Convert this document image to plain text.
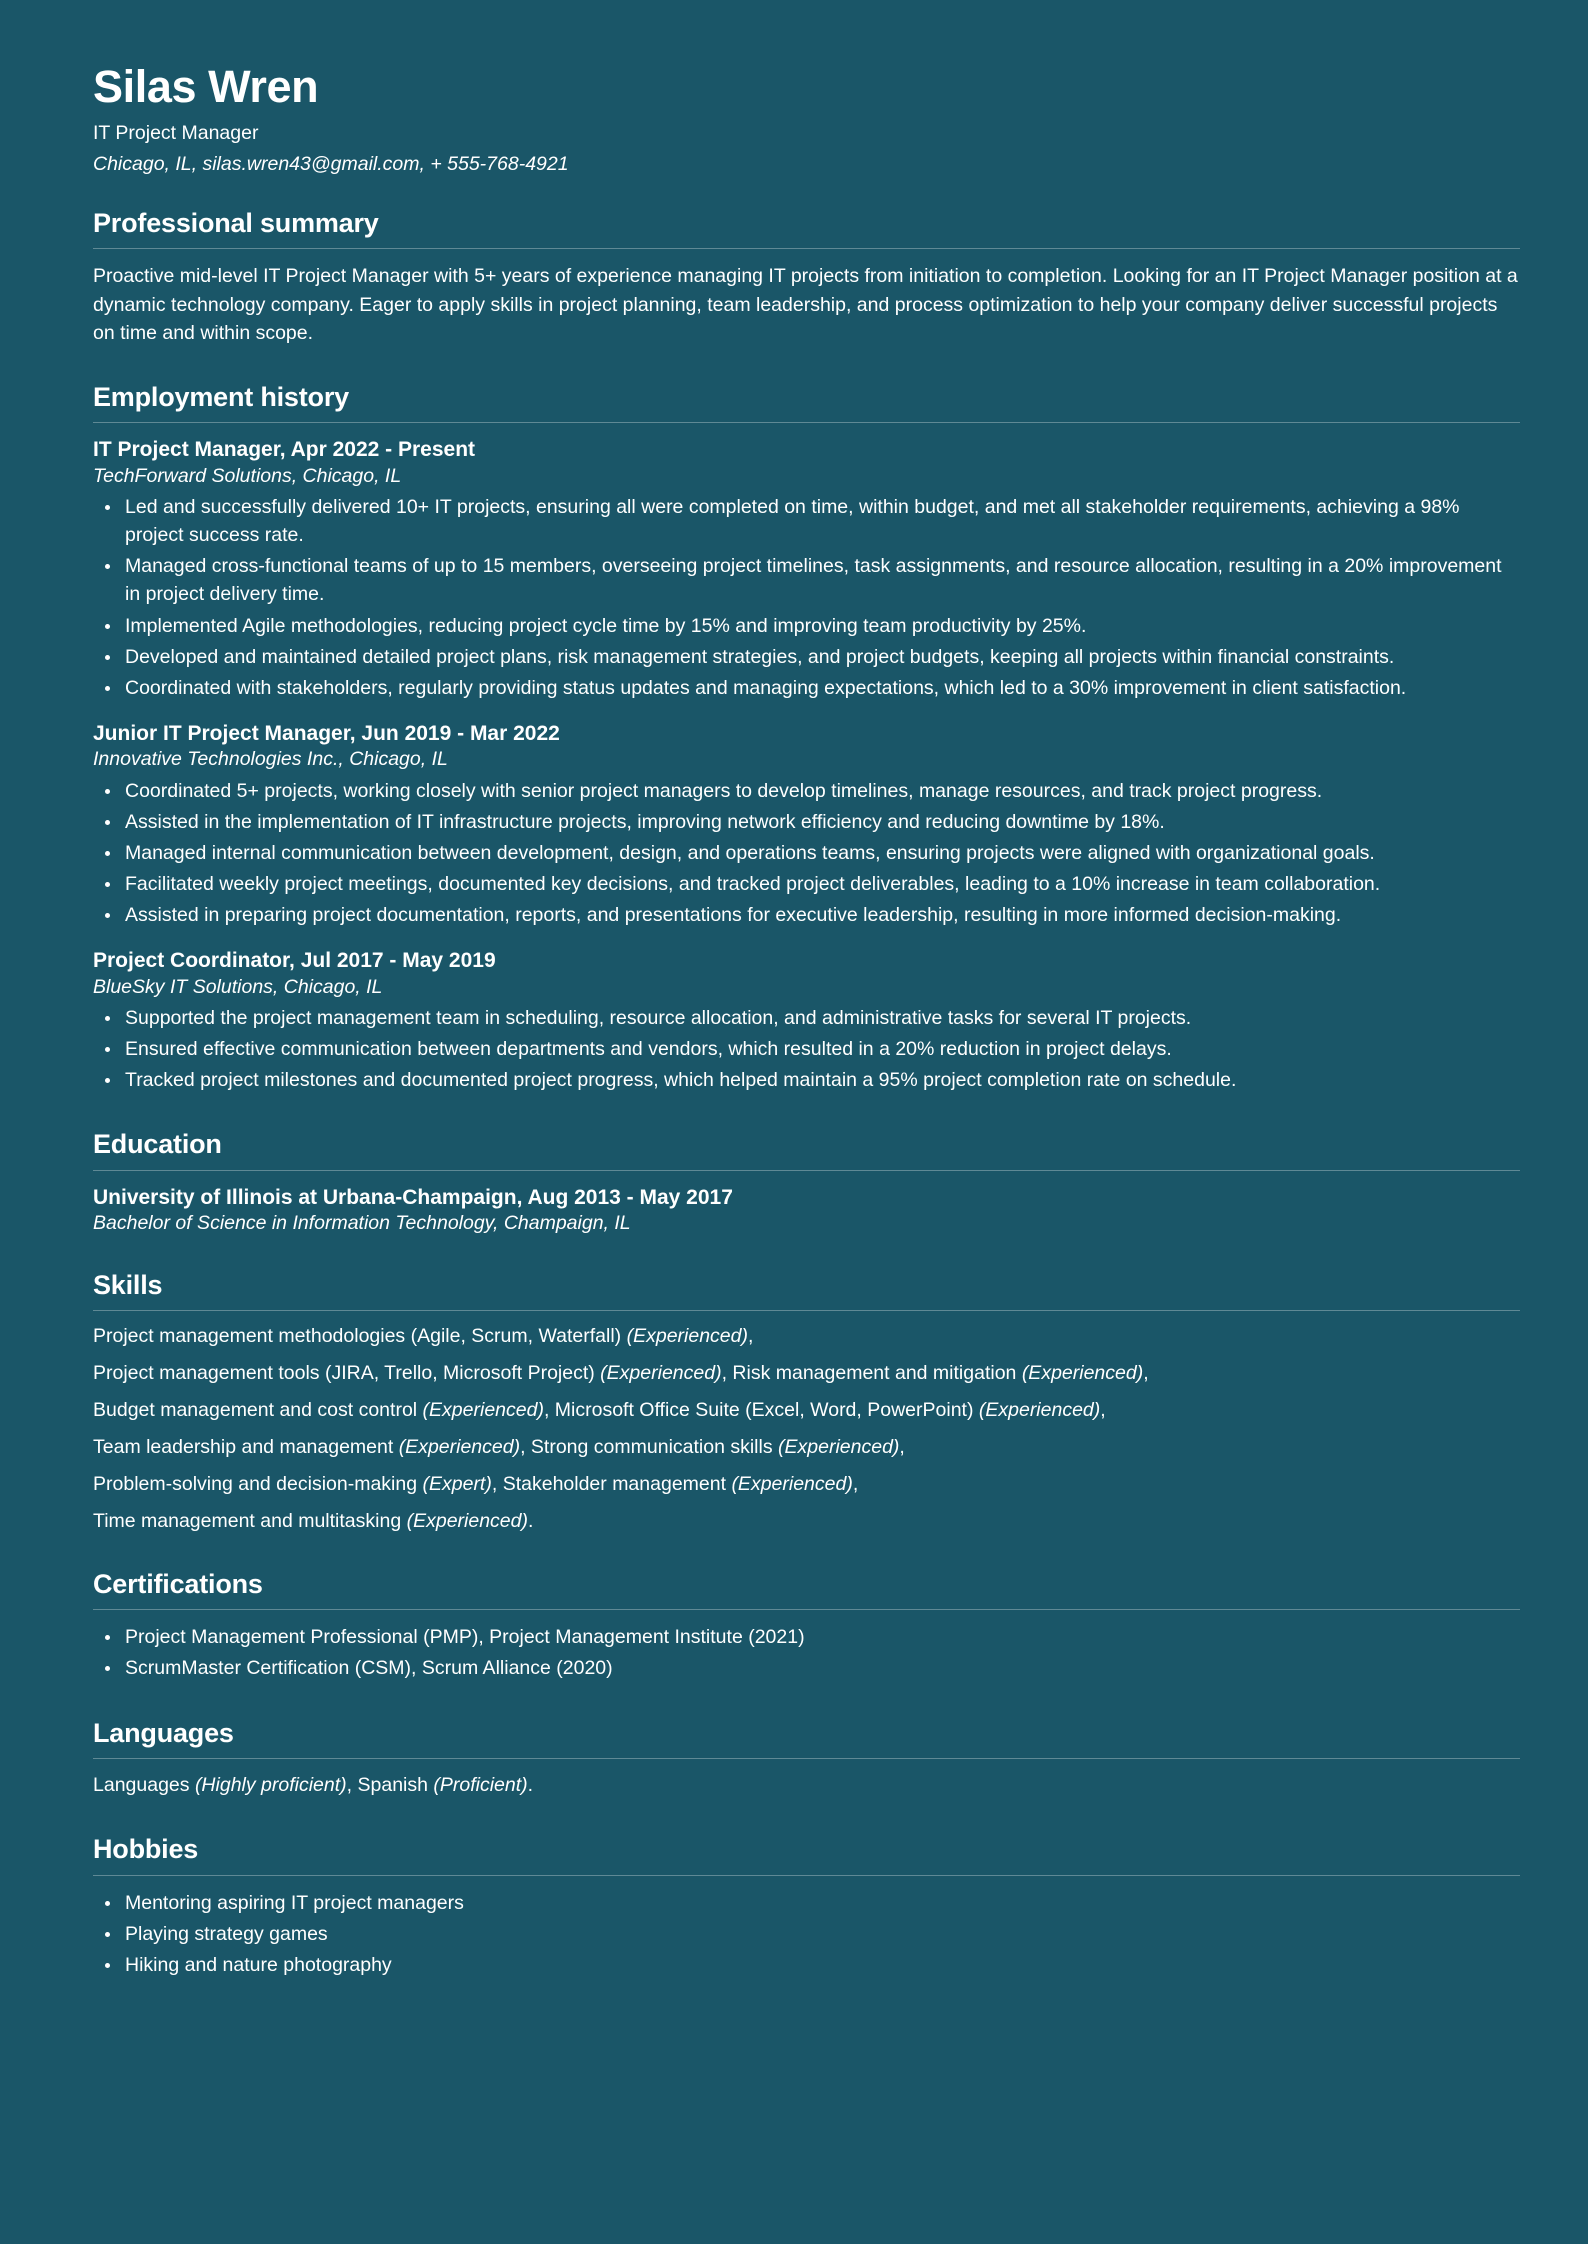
Silas Wren

IT Project Manager

Chicago, IL, silas.wren43@gmail.com, + 555-768-4921

Professional summary

Proactive mid-level IT Project Manager with 5+ years of experience managing IT projects from initiation to completion. Looking for an IT Project Manager position at a dynamic technology company. Eager to apply skills in project planning, team leadership, and process optimization to help your company deliver successful projects on time and within scope.

Employment history

IT Project Manager, Apr 2022 - Present

TechForward Solutions, Chicago, IL

Led and successfully delivered 10+ IT projects, ensuring all were completed on time, within budget, and met all stakeholder requirements, achieving a 98% project success rate.
Managed cross-functional teams of up to 15 members, overseeing project timelines, task assignments, and resource allocation, resulting in a 20% improvement in project delivery time.
Implemented Agile methodologies, reducing project cycle time by 15% and improving team productivity by 25%.
Developed and maintained detailed project plans, risk management strategies, and project budgets, keeping all projects within financial constraints.
Coordinated with stakeholders, regularly providing status updates and managing expectations, which led to a 30% improvement in client satisfaction.

Junior IT Project Manager, Jun 2019 - Mar 2022

Innovative Technologies Inc., Chicago, IL

Coordinated 5+ projects, working closely with senior project managers to develop timelines, manage resources, and track project progress.
Assisted in the implementation of IT infrastructure projects, improving network efficiency and reducing downtime by 18%.
Managed internal communication between development, design, and operations teams, ensuring projects were aligned with organizational goals.
Facilitated weekly project meetings, documented key decisions, and tracked project deliverables, leading to a 10% increase in team collaboration.
Assisted in preparing project documentation, reports, and presentations for executive leadership, resulting in more informed decision-making.

Project Coordinator, Jul 2017 - May 2019

BlueSky IT Solutions, Chicago, IL

Supported the project management team in scheduling, resource allocation, and administrative tasks for several IT projects.
Ensured effective communication between departments and vendors, which resulted in a 20% reduction in project delays.
Tracked project milestones and documented project progress, which helped maintain a 95% project completion rate on schedule.
Education

University of Illinois at Urbana-Champaign, Aug 2013 - May 2017

Bachelor of Science in Information Technology, Champaign, IL

Skills

Project management methodologies (Agile, Scrum, Waterfall) (Experienced),

Project management tools (JIRA, Trello, Microsoft Project) (Experienced), Risk management and mitigation (Experienced),

Budget management and cost control (Experienced), Microsoft Office Suite (Excel, Word, PowerPoint) (Experienced),

Team leadership and management (Experienced), Strong communication skills (Experienced),

Problem-solving and decision-making (Expert), Stakeholder management (Experienced),

Time management and multitasking (Experienced).

Certifications
Project Management Professional (PMP), Project Management Institute (2021)
ScrumMaster Certification (CSM), Scrum Alliance (2020)
Languages

Languages (Highly proficient), Spanish (Proficient).

Hobbies
Mentoring aspiring IT project managers
Playing strategy games
Hiking and nature photography
